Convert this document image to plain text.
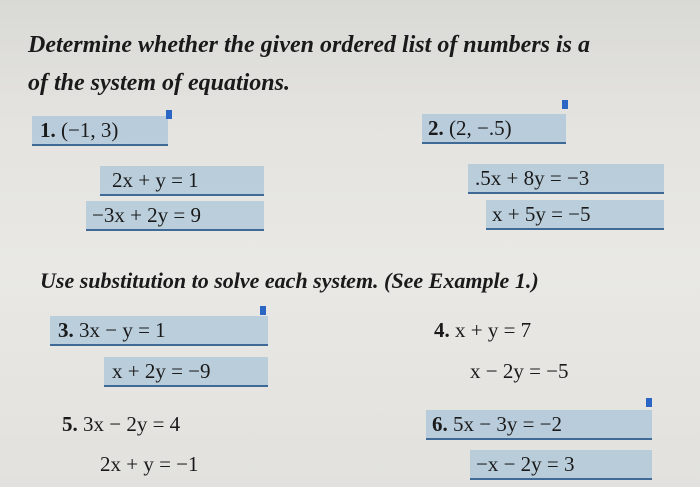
Determine whether the given ordered list of numbers is a
of the system of equations.
1. (−1, 3)
2x + y = 1
−3x + 2y = 9
2. (2, −.5)
.5x + 8y = −3
x + 5y = −5
Use substitution to solve each system. (See Example 1.)
3. 3x − y = 1
x + 2y = −9
4. x + y = 7
x − 2y = −5
5. 3x − 2y = 4
2x + y = −1
6. 5x − 3y = −2
−x − 2y = 3
